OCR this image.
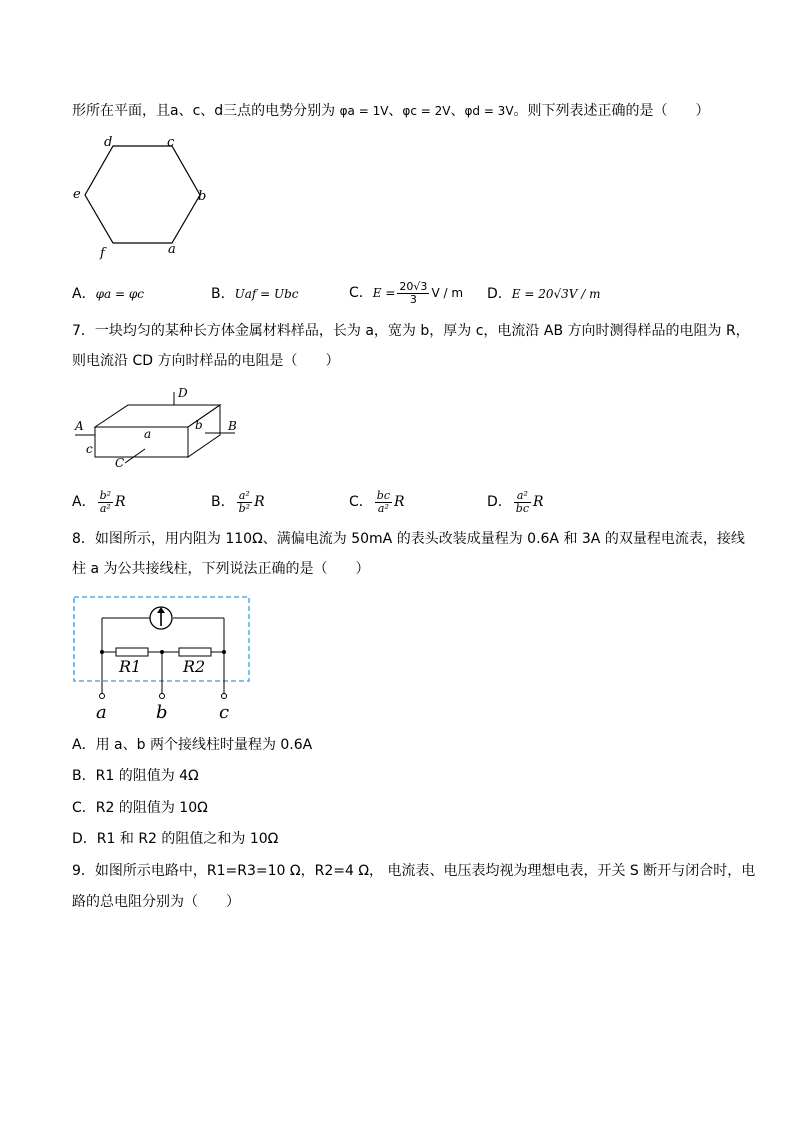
形所在平面，且a、c、d三点的电势分别为 φa = 1V、φc = 2V、φd = 3V。则下列表述正确的是（　　）
d	c
b
a
f
e
A．φa = φc	B．Uaf = Ubc	C．$E = \frac{20√3}{3}$ V / m D．E = 20√3V / m
7．一块均匀的某种长方体金属材料样品，长为 a，宽为 b，厚为 c，电流沿 AB 方向时测得样品的电阻为 R，
则电流沿 CD 方向时样品的电阻是（　　）
A	B
C
D
a
b
c
A． $\frac{\text{b²}}{\text{a²}}$ R	B． $\frac{\text{a²}}{\text{b²}}$ R	C． $\frac{bc}{\text{a²}}$ R	D． $\frac{\text{a²}}{bc}$ R
8．如图所示，用内阻为 110Ω、满偏电流为 50mA 的表头改装成量程为 0.6A 和 3A 的双量程电流表，接线
柱 a 为公共接线柱，下列说法正确的是（　　）
R1	R2
a	b	c
A．用 a、b 两个接线柱时量程为 0.6A
B．R1 的阻值为 4Ω
C．R2 的阻值为 10Ω
D．R1 和 R2 的阻值之和为 10Ω
9．如图所示电路中，R1=R3=10 Ω，R2=4 Ω， 电流表、电压表均视为理想电表，开关 S 断开与闭合时，电
路的总电阻分别为（　　）
